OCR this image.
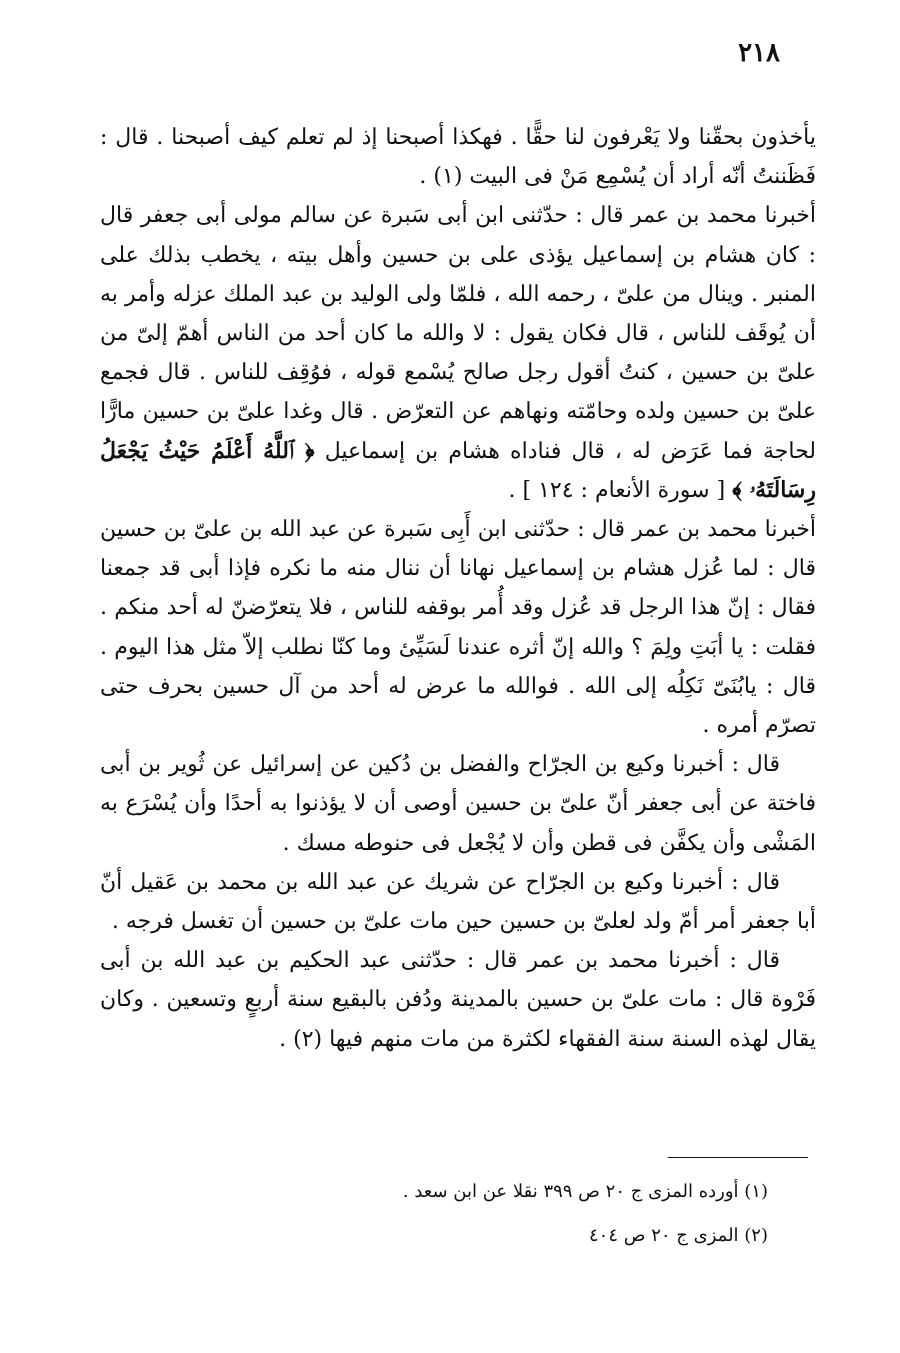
٢١٨

يأخذون بحقّنا ولا يَعْرفون لنا حقًّا . فهكذا أصبحنا إذ لم تعلم كيف أصبحنا . قال : فَظَننتُ أنّه أراد أن يُسْمِع مَنْ فى البيت (١) .

أخبرنا محمد بن عمر قال : حدّثنى ابن أبى سَبرة عن سالم مولى أبى جعفر قال : كان هشام بن إسماعيل يؤذى على بن حسين وأهل بيته ، يخطب بذلك على المنبر . وينال من علىّ ، رحمه الله ، فلمّا ولى الوليد بن عبد الملك عزله وأمر به أن يُوقَف للناس ، قال فكان يقول : لا والله ما كان أحد من الناس أهمّ إلىّ من علىّ بن حسين ، كنتُ أقول رجل صالح يُسْمع قوله ، فوُقِف للناس . قال فجمع علىّ بن حسين ولده وحامّته ونهاهم عن التعرّض . قال وغدا علىّ بن حسين مارًّا لحاجة فما عَرَض له ، قال فناداه هشام بن إسماعيل ﴿ ٱللَّهُ أَعْلَمُ حَيْثُ يَجْعَلُ رِسَالَتَهُۥ ﴾ [ سورة الأنعام : ١٢٤ ] .

أخبرنا محمد بن عمر قال : حدّثنى ابن أَبِى سَبرة عن عبد الله بن علىّ بن حسين قال : لما عُزل هشام بن إسماعيل نهانا أن ننال منه ما نكره فإذا أبى قد جمعنا فقال : إنّ هذا الرجل قد عُزل وقد أُمر بوقفه للناس ، فلا يتعرّضنّ له أحد منكم . فقلت : يا أبَتِ ولِمَ ؟ والله إنّ أثره عندنا لَسَيِّئ وما كنّا نطلب إلاّ مثل هذا اليوم . قال : يابُنَىّ نَكِلُه إلى الله . فوالله ما عرض له أحد من آل حسين بحرف حتى تصرّم أمره .

قال : أخبرنا وكيع بن الجرّاح والفضل بن دُكين عن إسرائيل عن ثُوير بن أبى فاختة عن أبى جعفر أنّ علىّ بن حسين أوصى أن لا يؤذنوا به أحدًا وأن يُسْرَع به المَشْى وأن يكفَّن فى قطن وأن لا يُجْعل فى حنوطه مسك .

قال : أخبرنا وكيع بن الجرّاح عن شريك عن عبد الله بن محمد بن عَقيل أنّ أبا جعفر أمر أمّ ولد لعلىّ بن حسين حين مات علىّ بن حسين أن تغسل فرجه .

قال : أخبرنا محمد بن عمر قال : حدّثنى عبد الحكيم بن عبد الله بن أبى فَرْوة قال : مات علىّ بن حسين بالمدينة ودُفن بالبقيع سنة أربعٍ وتسعين . وكان يقال لهذه السنة سنة الفقهاء لكثرة من مات منهم فيها (٢) .

(١) أورده المزى ج ٢٠ ص ٣٩٩ نقلا عن ابن سعد .

(٢) المزى ج ٢٠ ص ٤٠٤
